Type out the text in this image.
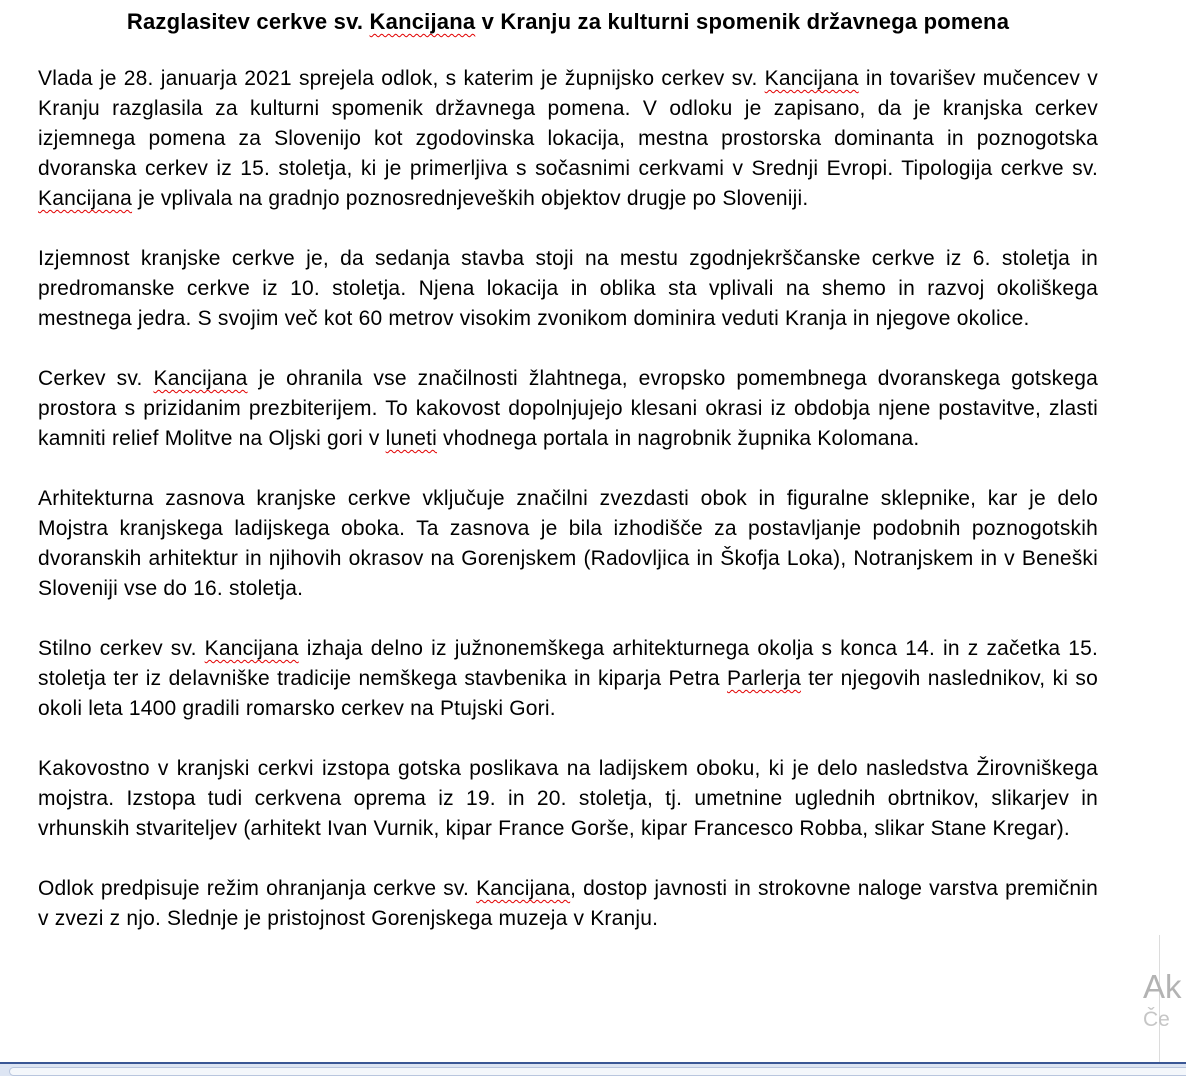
Razglasitev cerkve sv. Kancijana v Kranju za kulturni spomenik državnega pomena

Vlada je 28. januarja 2021 sprejela odlok, s katerim je župnijsko cerkev sv. Kancijana in tovarišev mučencev v Kranju razglasila za kulturni spomenik državnega pomena. V odloku je zapisano, da je kranjska cerkev izjemnega pomena za Slovenijo kot zgodovinska lokacija, mestna prostorska dominanta in poznogotska dvoranska cerkev iz 15. stoletja, ki je primerljiva s sočasnimi cerkvami v Srednji Evropi. Tipologija cerkve sv. Kancijana je vplivala na gradnjo poznosrednjeveških objektov drugje po Sloveniji.

Izjemnost kranjske cerkve je, da sedanja stavba stoji na mestu zgodnjekrščanske cerkve iz 6. stoletja in predromanske cerkve iz 10. stoletja. Njena lokacija in oblika sta vplivali na shemo in razvoj okoliškega mestnega jedra. S svojim več kot 60 metrov visokim zvonikom dominira veduti Kranja in njegove okolice.

Cerkev sv. Kancijana je ohranila vse značilnosti žlahtnega, evropsko pomembnega dvoranskega gotskega prostora s prizidanim prezbiterijem. To kakovost dopolnjujejo klesani okrasi iz obdobja njene postavitve, zlasti kamniti relief Molitve na Oljski gori v luneti vhodnega portala in nagrobnik župnika Kolomana.

Arhitekturna zasnova kranjske cerkve vključuje značilni zvezdasti obok in figuralne sklepnike, kar je delo Mojstra kranjskega ladijskega oboka. Ta zasnova je bila izhodišče za postavljanje podobnih poznogotskih dvoranskih arhitektur in njihovih okrasov na Gorenjskem (Radovljica in Škofja Loka), Notranjskem in v Beneški Sloveniji vse do 16. stoletja.

Stilno cerkev sv. Kancijana izhaja delno iz južnonemškega arhitekturnega okolja s konca 14. in z začetka 15. stoletja ter iz delavniške tradicije nemškega stavbenika in kiparja Petra Parlerja ter njegovih naslednikov, ki so okoli leta 1400 gradili romarsko cerkev na Ptujski Gori.

Kakovostno v kranjski cerkvi izstopa gotska poslikava na ladijskem oboku, ki je delo nasledstva Žirovniškega mojstra. Izstopa tudi cerkvena oprema iz 19. in 20. stoletja, tj. umetnine uglednih obrtnikov, slikarjev in vrhunskih stvariteljev (arhitekt Ivan Vurnik, kipar France Gorše, kipar Francesco Robba, slikar Stane Kregar).

Odlok predpisuje režim ohranjanja cerkve sv. Kancijana, dostop javnosti in strokovne naloge varstva premičnin v zvezi z njo. Slednje je pristojnost Gorenjskega muzeja v Kranju.

Ak
Če
